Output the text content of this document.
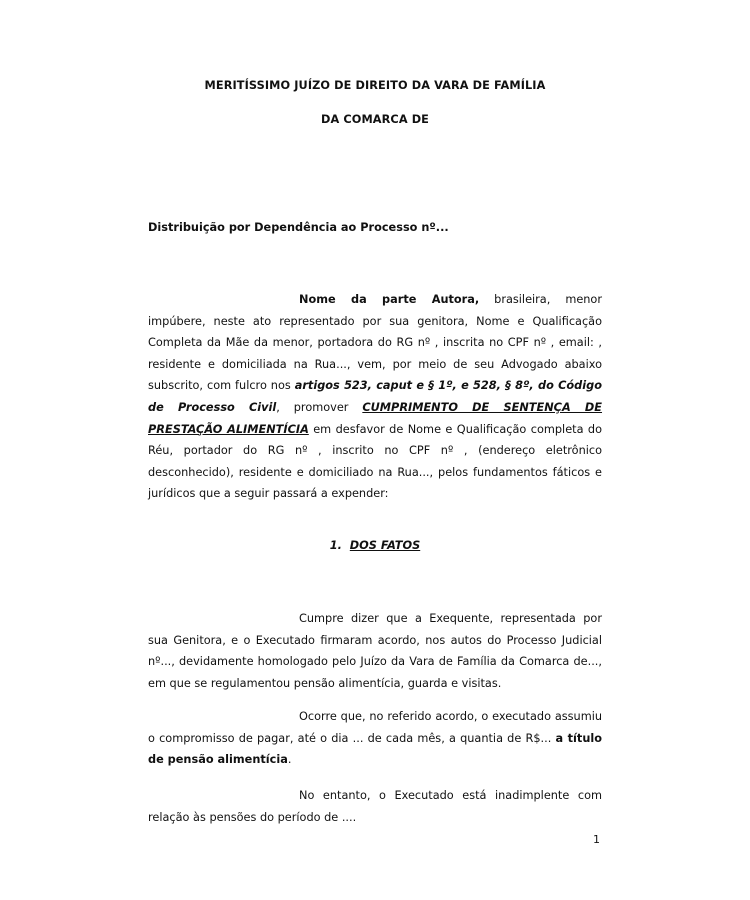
MERITÍSSIMO JUÍZO DE DIREITO DA VARA DE FAMÍLIA
DA COMARCA DE
Distribuição por Dependência ao Processo nº...

Nome da parte Autora, brasileira, menor impúbere, neste ato representado por sua genitora, Nome e Qualificação Completa da Mãe da menor, portadora do RG nº , inscrita no CPF nº , email: , residente e domiciliada na Rua..., vem, por meio de seu Advogado abaixo subscrito, com fulcro nos artigos 523, caput e § 1º, e 528, § 8º, do Código de Processo Civil, promover CUMPRIMENTO DE SENTENÇA DE PRESTAÇÃO ALIMENTÍCIA em desfavor de Nome e Qualificação completa do Réu, portador do RG nº , inscrito no CPF nº , (endereço eletrônico desconhecido), residente e domiciliado na Rua..., pelos fundamentos fáticos e jurídicos que a seguir passará a expender:

1. DOS FATOS

Cumpre dizer que a Exequente, representada por sua Genitora, e o Executado firmaram acordo, nos autos do Processo Judicial nº..., devidamente homologado pelo Juízo da Vara de Família da Comarca de..., em que se regulamentou pensão alimentícia, guarda e visitas.

Ocorre que, no referido acordo, o executado assumiu o compromisso de pagar, até o dia ... de cada mês, a quantia de R$... a título de pensão alimentícia.

No entanto, o Executado está inadimplente com relação às pensões do período de ....

1
